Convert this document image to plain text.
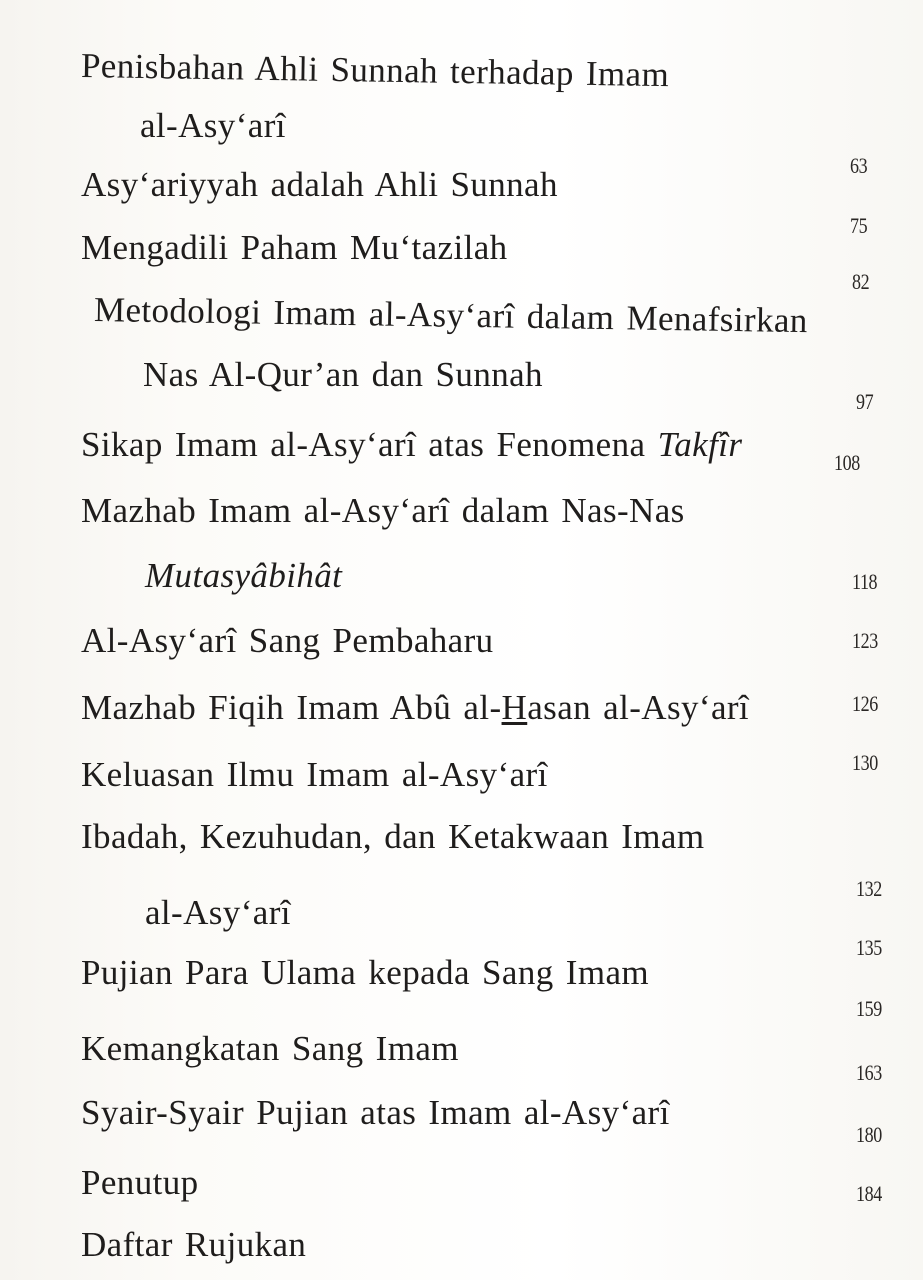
Penisbahan Ahli Sunnah terhadap Imam
al-Asy‘arî
Asy‘ariyyah adalah Ahli Sunnah
Mengadili Paham Mu‘tazilah
Metodologi Imam al-Asy‘arî dalam Menafsirkan
Nas Al-Qur’an dan Sunnah
Sikap Imam al-Asy‘arî atas Fenomena Takfîr
Mazhab Imam al-Asy‘arî dalam Nas-Nas
Mutasyâbihât
Al-Asy‘arî Sang Pembaharu
Mazhab Fiqih Imam Abû al-Hasan al-Asy‘arî
Keluasan Ilmu Imam al-Asy‘arî
Ibadah, Kezuhudan, dan Ketakwaan Imam
al-Asy‘arî
Pujian Para Ulama kepada Sang Imam
Kemangkatan Sang Imam
Syair-Syair Pujian atas Imam al-Asy‘arî
Penutup
Daftar Rujukan
63
75
82
97
108
118
123
126
130
132
135
159
163
180
184
